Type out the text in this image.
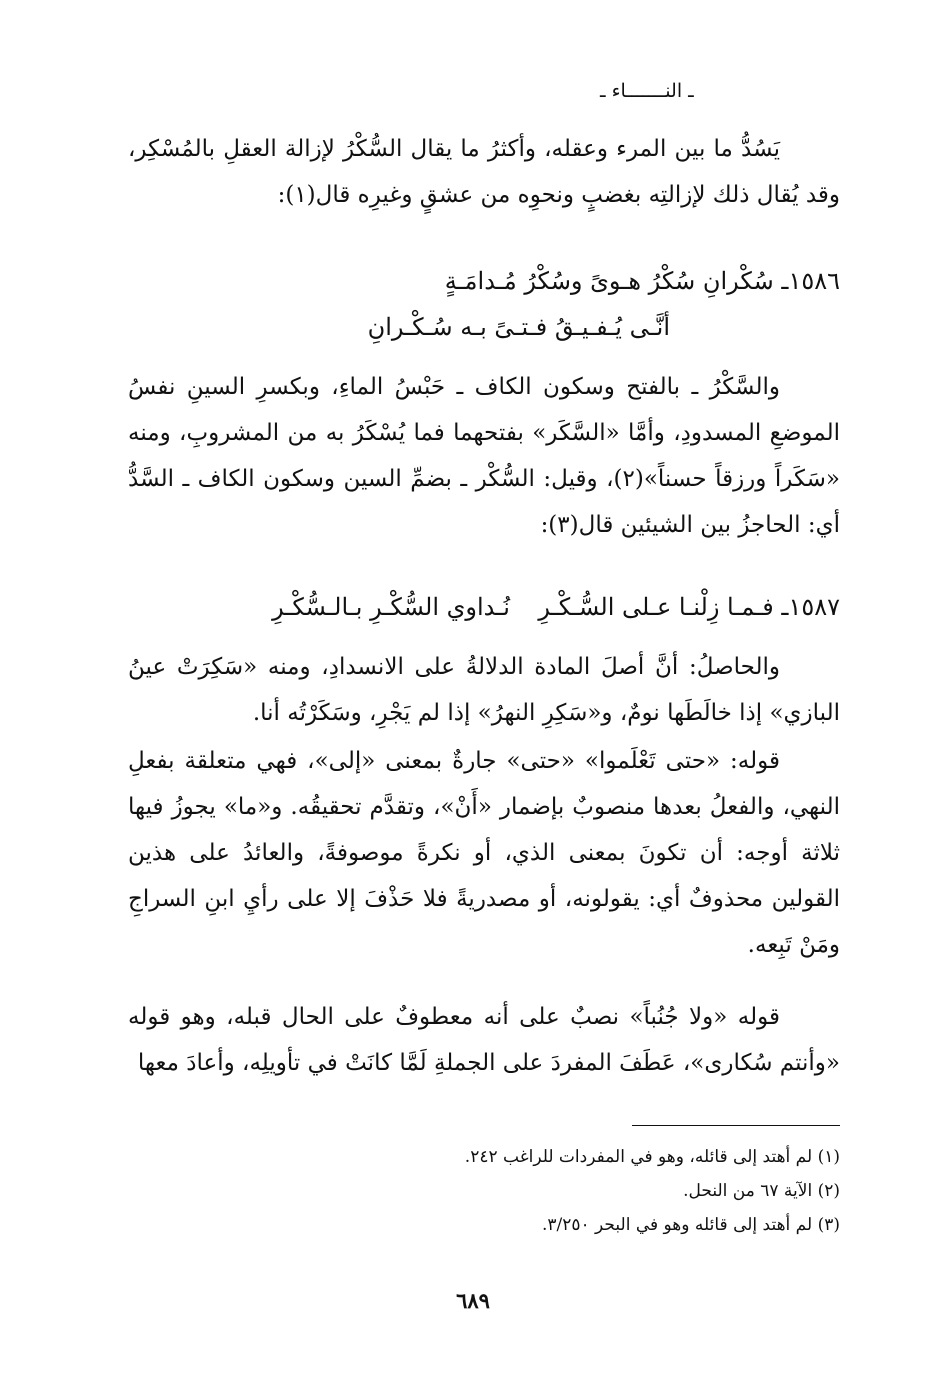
ـ النـــــــاء ـ
يَسُدُّ ما بين المرء وعقله، وأكثرُ ما يقال السُّكْرُ لإزالة العقلِ بالمُسْكِر، وقد يُقال ذلك لإزالتِه بغضبٍ ونحوِه من عشقٍ وغيرِه قال(١):
١٥٨٦ـ سُكْرانِ سُكْرُ هـوىً وسُكْرُ مُـدامَـةٍ
أنَّـى يُـفـيـقُ فـتـىً بـه سُـكْـرانِ
والسَّكْرُ ـ بالفتح وسكون الكاف ـ حَبْسُ الماءِ، وبكسرِ السينِ نفسُ الموضعِ المسدودِ، وأمَّا «السَّكَر» بفتحهما فما يُسْكَرُ به من المشروبِ، ومنه «سَكَراً ورزقاً حسناً»(٢)، وقيل: السُّكْر ـ بضمِّ السين وسكون الكاف ـ السَّدُّ أي: الحاجزُ بين الشيئين قال(٣):
١٥٨٧ـ فـمـا زِلْنـا عـلى السُّـكْـرِنُـداوي السُّكْـرِ بـالـسُّكْـرِ
والحاصلُ: أنَّ أصلَ المادة الدلالةُ على الانسدادِ، ومنه «سَكِرَتْ عينُ البازي» إذا خالَطَها نومٌ، و«سَكِرِ النهرُ» إذا لم يَجْرِ، وسَكَرْتُه أنا.
قوله: «حتى تَعْلَموا» «حتى» جارةٌ بمعنى «إلى»، فهي متعلقة بفعلِ النهي، والفعلُ بعدها منصوبٌ بإضمار «أَنْ»، وتقدَّم تحقيقُه. و«ما» يجوزُ فيها ثلاثة أوجه: أن تكونَ بمعنى الذي، أو نكرةً موصوفةً، والعائدُ على هذين القولين محذوفٌ أي: يقولونه، أو مصدريةً فلا حَذْفَ إلا على رأيِ ابنِ السراجِ ومَنْ تَبِعه.
قوله «ولا جُنُباً» نصبٌ على أنه معطوفٌ على الحال قبله، وهو قوله «وأنتم سُكارى»، عَطَفَ المفردَ على الجملةِ لَمَّا كانَتْ في تأويلِه، وأعادَ معها
(١) لم أهتد إلى قائله، وهو في المفردات للراغب ٢٤٢.
(٢) الآية ٦٧ من النحل.
(٣) لم أهتد إلى قائله وهو في البحر ٣/٢٥٠.
٦٨٩
